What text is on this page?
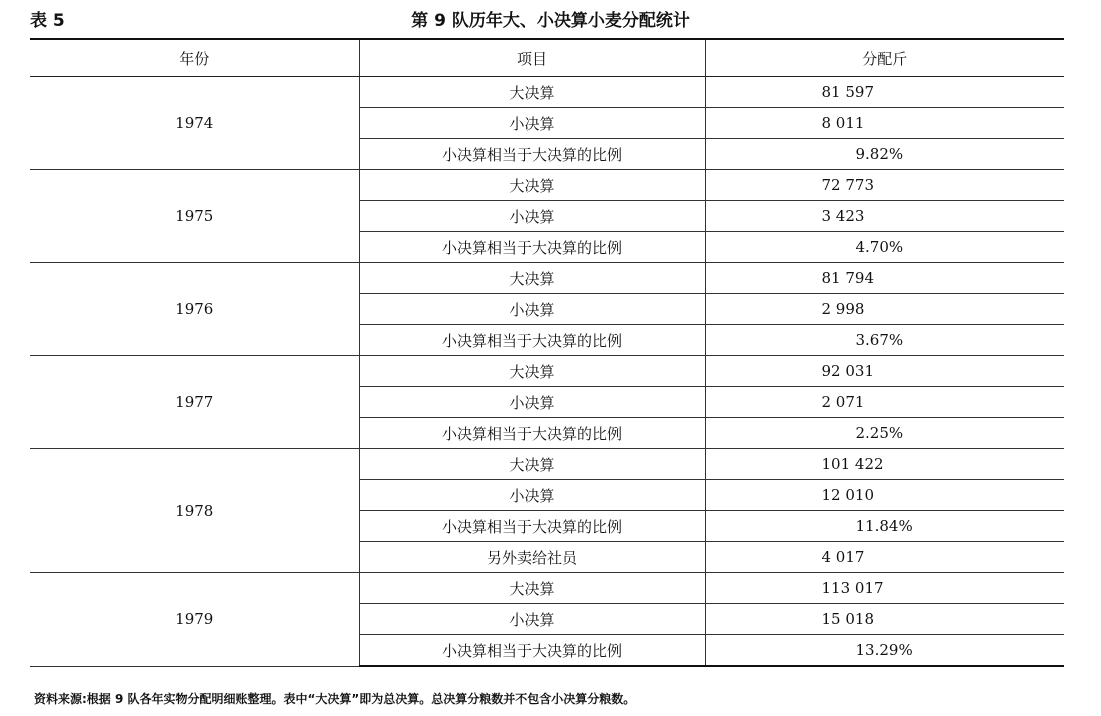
表 5	第 9 队历年大、小决算小麦分配统计
年份	项目	分配斤
1974	大决算	81 597
	小决算	8 011
	小决算相当于大决算的比例	9.82%
1975	大决算	72 773
	小决算	3 423
	小决算相当于大决算的比例	4.70%
1976	大决算	81 794
	小决算	2 998
	小决算相当于大决算的比例	3.67%
1977	大决算	92 031
	小决算	2 071
	小决算相当于大决算的比例	2.25%
1978	大决算	101 422
	小决算	12 010
	小决算相当于大决算的比例	11.84%
	另外卖给社员	4 017
1979	大决算	113 017
	小决算	15 018
	小决算相当于大决算的比例	13.29%
资料来源:根据 9 队各年实物分配明细账整理。表中“大决算”即为总决算。总决算分粮数并不包含小决算分粮数。
